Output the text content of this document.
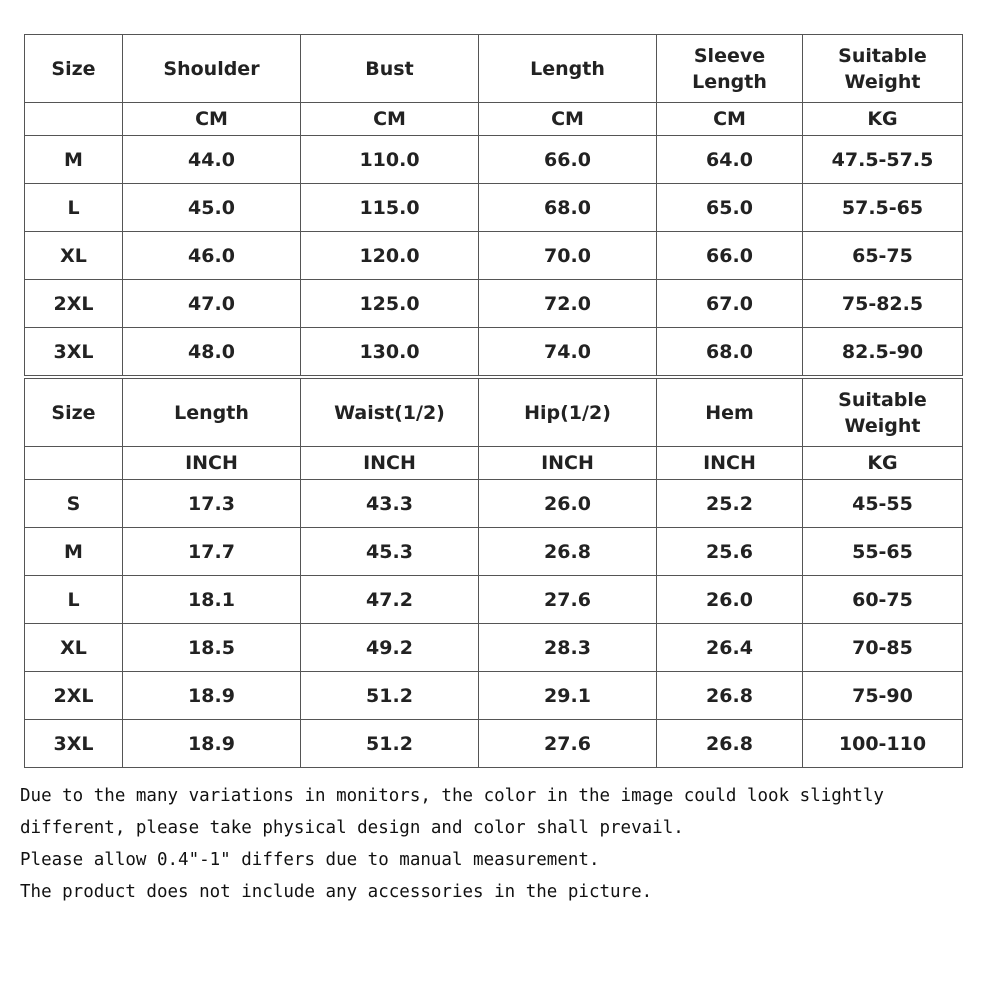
Size	Shoulder	Bust	Length	Sleeve Length	Suitable Weight
	CM	CM	CM	CM	KG
M	44.0	110.0	66.0	64.0	47.5-57.5
L	45.0	115.0	68.0	65.0	57.5-65
XL	46.0	120.0	70.0	66.0	65-75
2XL	47.0	125.0	72.0	67.0	75-82.5
3XL	48.0	130.0	74.0	68.0	82.5-90
Size	Length	Waist(1/2)	Hip(1/2)	Hem	Suitable Weight
	INCH	INCH	INCH	INCH	KG
S	17.3	43.3	26.0	25.2	45-55
M	17.7	45.3	26.8	25.6	55-65
L	18.1	47.2	27.6	26.0	60-75
XL	18.5	49.2	28.3	26.4	70-85
2XL	18.9	51.2	29.1	26.8	75-90
3XL	18.9	51.2	27.6	26.8	100-110

Due to the many variations in monitors, the color in the image could look slightly

different, please take physical design and color shall prevail.

Please allow 0.4"-1" differs due to manual measurement.

The product does not include any accessories in the picture.
